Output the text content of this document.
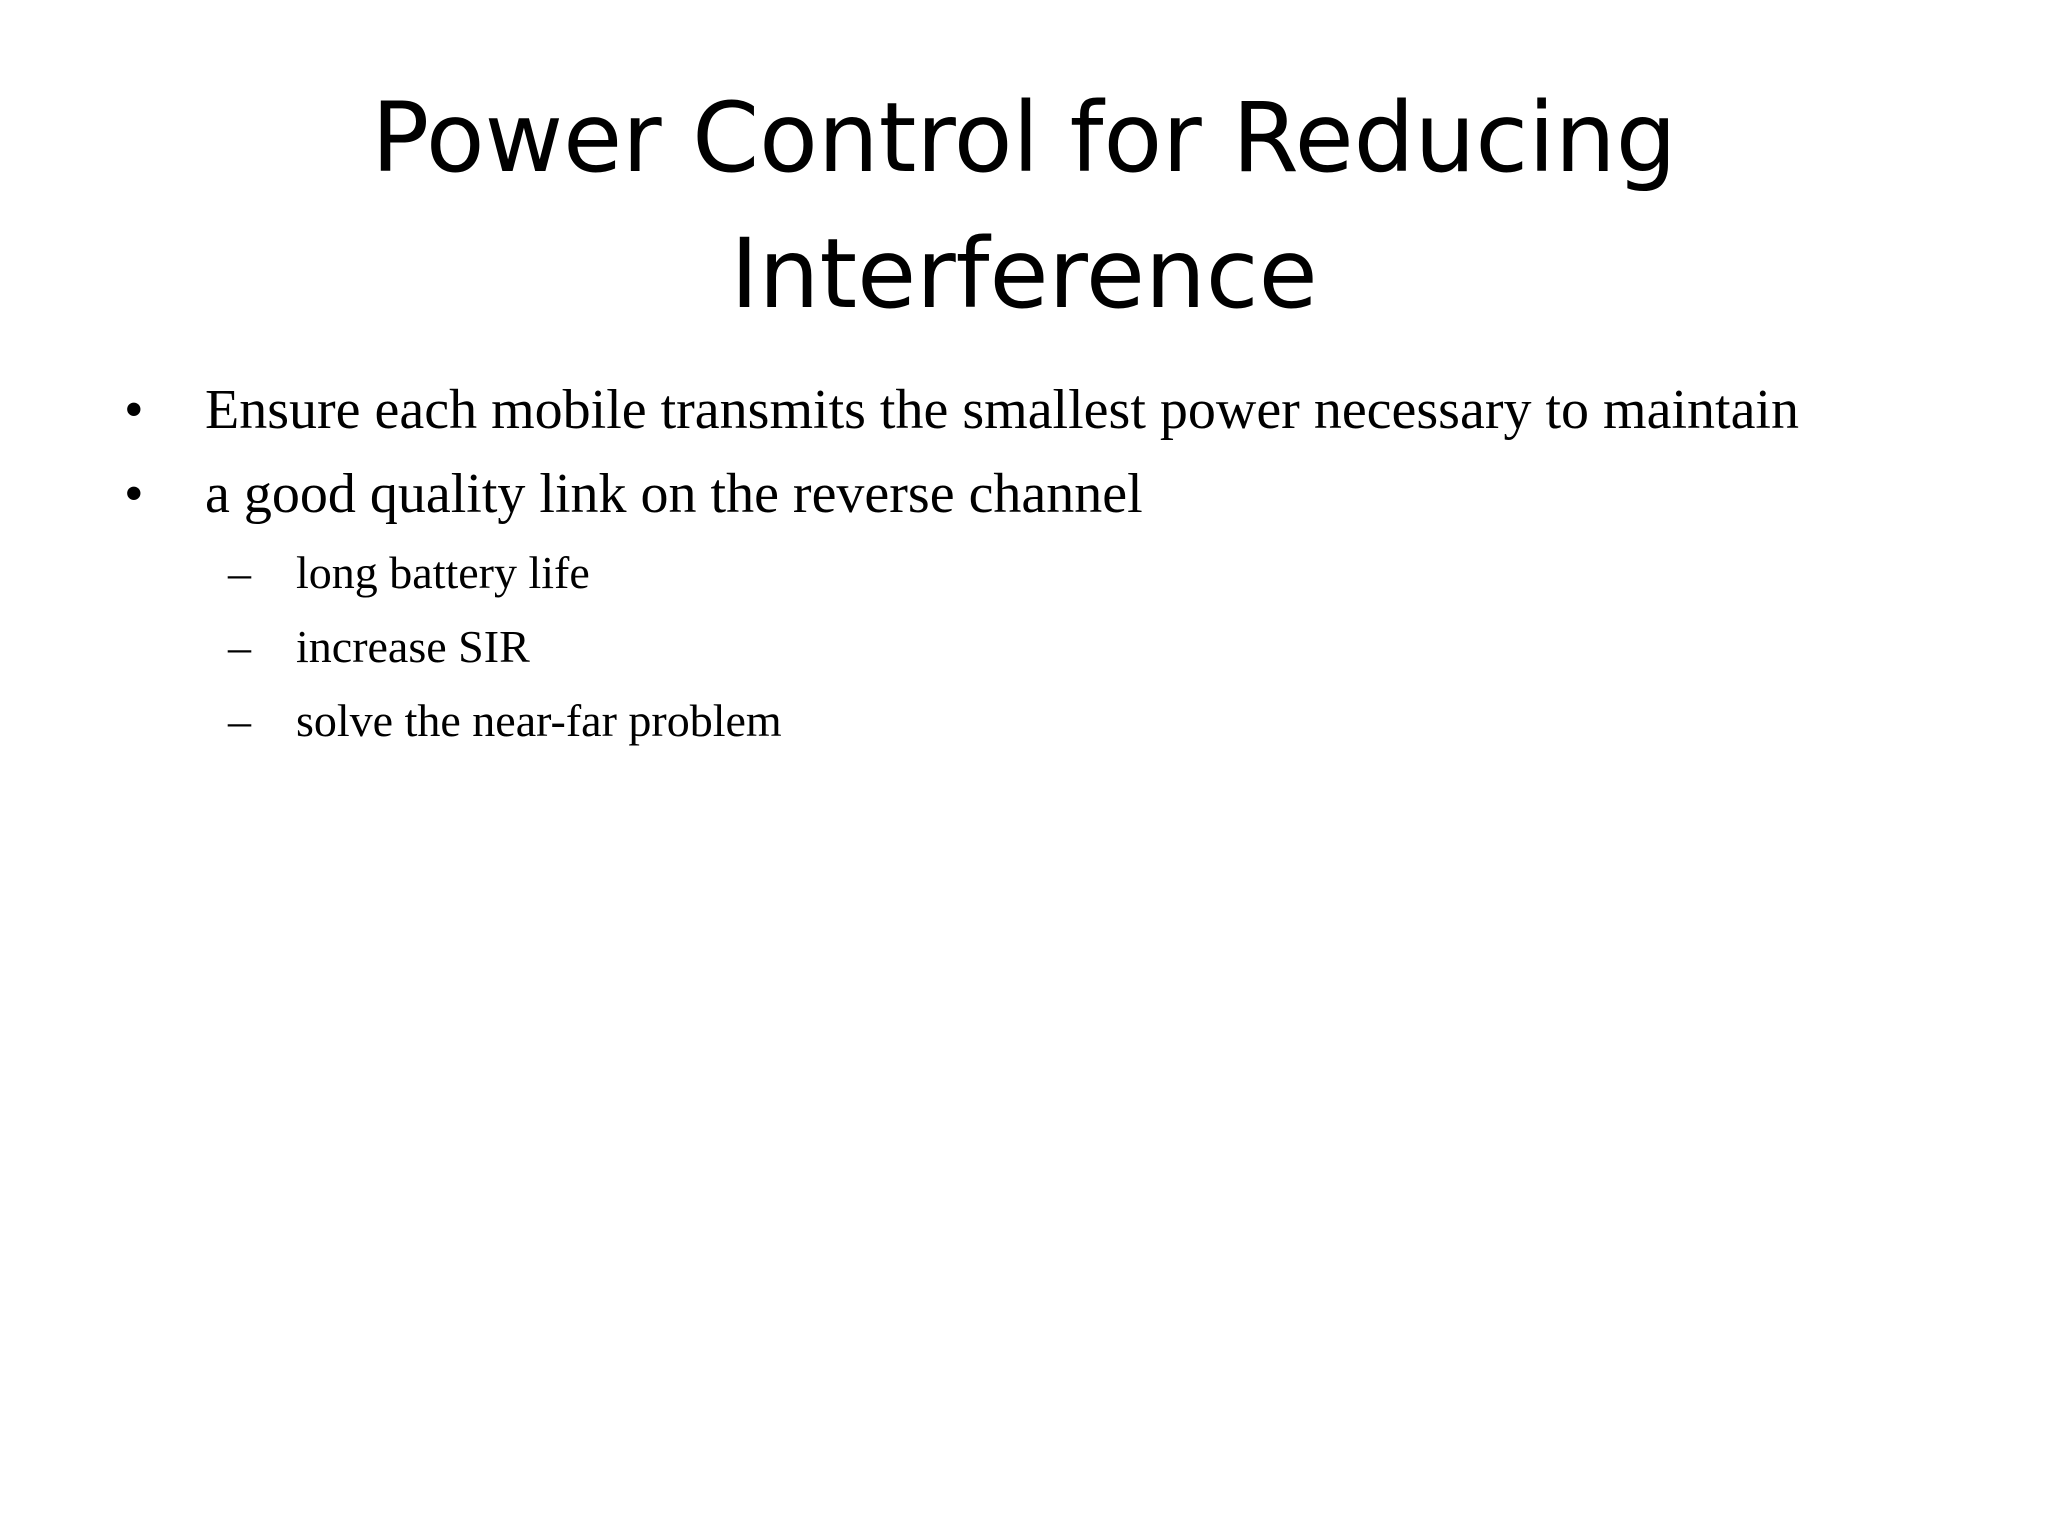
Power Control for Reducing
Interference
• Ensure each mobile transmits the smallest power necessary to maintain
• a good quality link on the reverse channel
– long battery life
– increase SIR
– solve the near-far problem
